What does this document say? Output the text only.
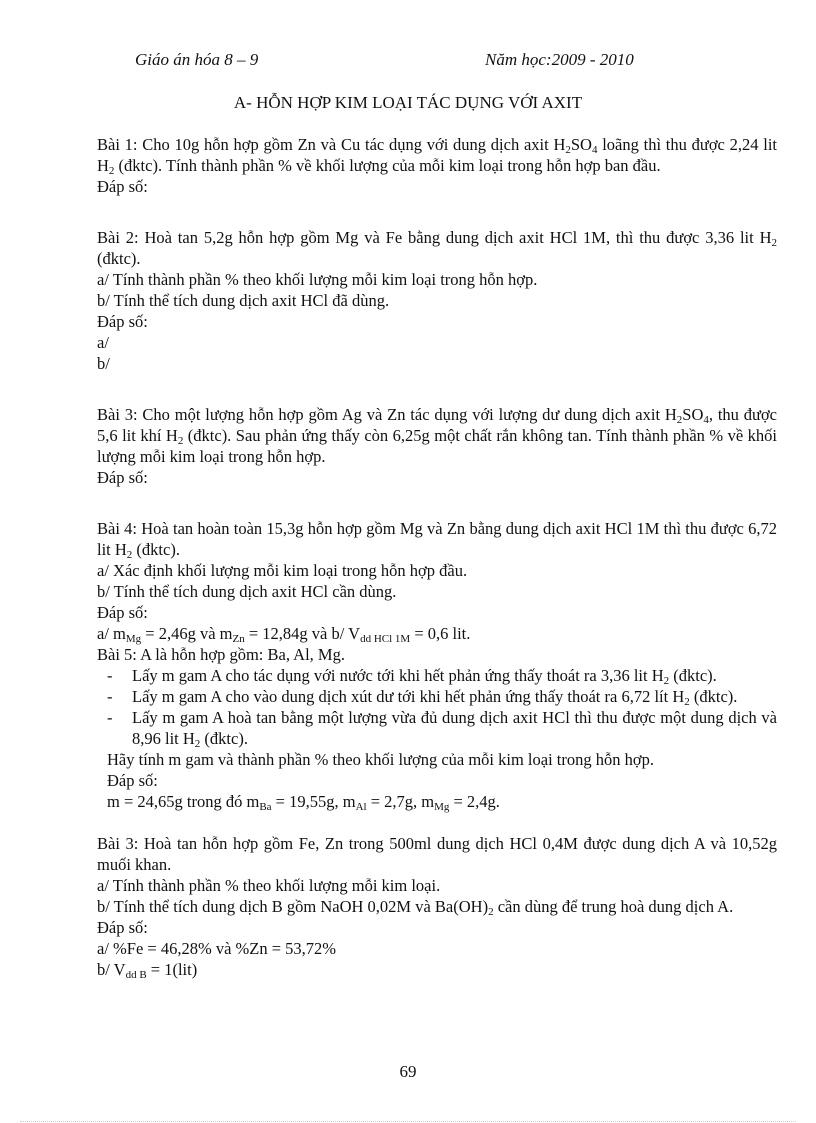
Giáo án hóa 8 – 9	Năm học:2009 - 2010
A- HỖN HỢP KIM LOẠI TÁC DỤNG VỚI AXIT

Bài 1: Cho 10g hỗn hợp gồm Zn và Cu tác dụng với dung dịch axit $H_2SO_4$ loãng thì thu được 2,24 lit $H_2$ (đktc). Tính thành phần % về khối lượng của mỗi kim loại trong hỗn hợp ban đầu.

Đáp số:

Bài 2: Hoà tan 5,2g hỗn hợp gồm Mg và Fe bằng dung dịch axit HCl 1M, thì thu được 3,36 lit $H_2$ (đktc).

a/ Tính thành phần % theo khối lượng mỗi kim loại trong hỗn hợp.

b/ Tính thể tích dung dịch axit HCl đã dùng.

Đáp số:

a/

b/

Bài 3: Cho một lượng hỗn hợp gồm Ag và Zn tác dụng với lượng dư dung dịch axit $H_2SO_4$, thu được 5,6 lit khí $H_2$ (đktc). Sau phản ứng thấy còn 6,25g một chất rắn không tan. Tính thành phần % về khối lượng mỗi kim loại trong hỗn hợp.

Đáp số:

Bài 4: Hoà tan hoàn toàn 15,3g hỗn hợp gồm Mg và Zn bằng dung dịch axit HCl 1M thì thu được 6,72 lit $H_2$ (đktc).

a/ Xác định khối lượng mỗi kim loại trong hỗn hợp đầu.

b/ Tính thể tích dung dịch axit HCl cần dùng.

Đáp số:

a/ $m_{Mg} = 2,46g$ và $m_{Zn} = 12,84g$ và b/ $V_{dd HCl 1M} = 0,6$ lit.

Bài 5: A là hỗn hợp gồm: Ba, Al, Mg.

- Lấy m gam A cho tác dụng với nước tới khi hết phản ứng thấy thoát ra 3,36 lit $H_2$ (đktc).

- Lấy m gam A cho vào dung dịch xút dư tới khi hết phản ứng thấy thoát ra 6,72 lít $H_2$ (đktc).

- Lấy m gam A hoà tan bằng một lượng vừa đủ dung dịch axit HCl thì thu được một dung dịch và 8,96 lit $H_2$ (đktc).

Hãy tính m gam và thành phần % theo khối lượng của mỗi kim loại trong hỗn hợp.

Đáp số:

m = 24,65g trong đó $m_{Ba} = 19,55g$, $m_{Al} = 2,7g$, $m_{Mg} = 2,4g$.

Bài 3: Hoà tan hỗn hợp gồm Fe, Zn trong 500ml dung dịch HCl 0,4M được dung dịch A và 10,52g muối khan.

a/ Tính thành phần % theo khối lượng mỗi kim loại.

b/ Tính thể tích dung dịch B gồm NaOH 0,02M và $Ba(OH)_2$ cần dùng để trung hoà dung dịch A.

Đáp số:

a/ %Fe = 46,28% và %Zn = 53,72%

b/ $V_{dd B} = 1(lit)$

69
